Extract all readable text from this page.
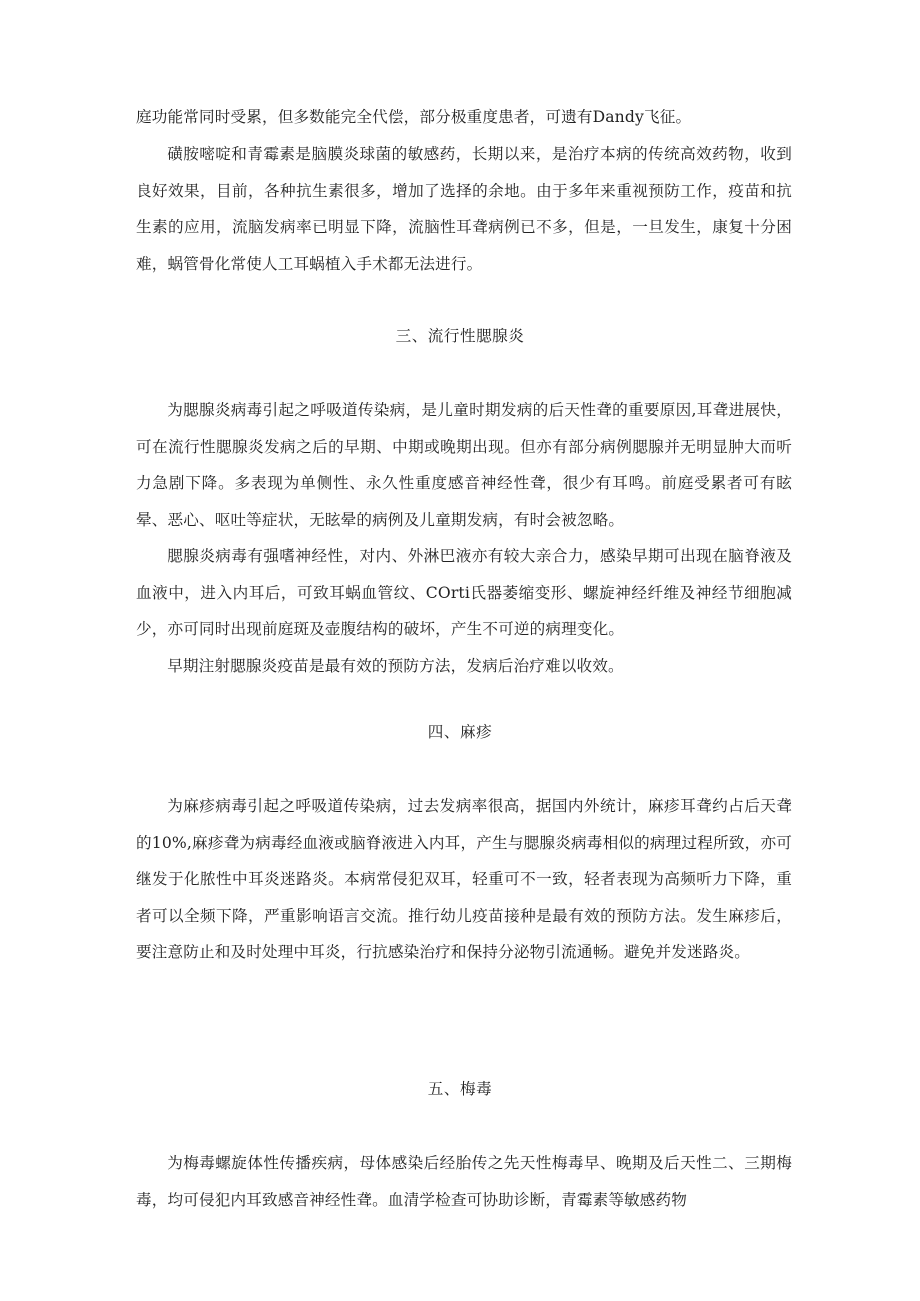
庭功能常同时受累，但多数能完全代偿，部分极重度患者，可遗有Dandy飞征。

磺胺嘧啶和青霉素是脑膜炎球菌的敏感药，长期以来，是治疗本病的传统高效药物，收到良好效果，目前，各种抗生素很多，增加了选择的余地。由于多年来重视预防工作，疫苗和抗生素的应用，流脑发病率已明显下降，流脑性耳聋病例已不多，但是，一旦发生，康复十分困难，蜗管骨化常使人工耳蜗植入手术都无法进行。

三、流行性腮腺炎

为腮腺炎病毒引起之呼吸道传染病，是儿童时期发病的后天性聋的重要原因,耳聋进展快，可在流行性腮腺炎发病之后的早期、中期或晚期出现。但亦有部分病例腮腺并无明显肿大而听力急剧下降。多表现为单侧性、永久性重度感音神经性聋，很少有耳鸣。前庭受累者可有眩晕、恶心、呕吐等症状，无眩晕的病例及儿童期发病，有时会被忽略。

腮腺炎病毒有强嗜神经性，对内、外淋巴液亦有较大亲合力，感染早期可出现在脑脊液及血液中，进入内耳后，可致耳蜗血管纹、COrti氏器萎缩变形、螺旋神经纤维及神经节细胞减少，亦可同时出现前庭斑及壶腹结构的破坏，产生不可逆的病理变化。

早期注射腮腺炎疫苗是最有效的预防方法，发病后治疗难以收效。

四、麻疹

为麻疹病毒引起之呼吸道传染病，过去发病率很高，据国内外统计，麻疹耳聋约占后天聋的10%,麻疹聋为病毒经血液或脑脊液进入内耳，产生与腮腺炎病毒相似的病理过程所致，亦可继发于化脓性中耳炎迷路炎。本病常侵犯双耳，轻重可不一致，轻者表现为高频听力下降，重者可以全频下降，严重影响语言交流。推行幼儿疫苗接种是最有效的预防方法。发生麻疹后，要注意防止和及时处理中耳炎，行抗感染治疗和保持分泌物引流通畅。避免并发迷路炎。

五、梅毒

为梅毒螺旋体性传播疾病，母体感染后经胎传之先天性梅毒早、晚期及后天性二、三期梅毒，均可侵犯内耳致感音神经性聋。血清学检查可协助诊断，青霉素等敏感药物
